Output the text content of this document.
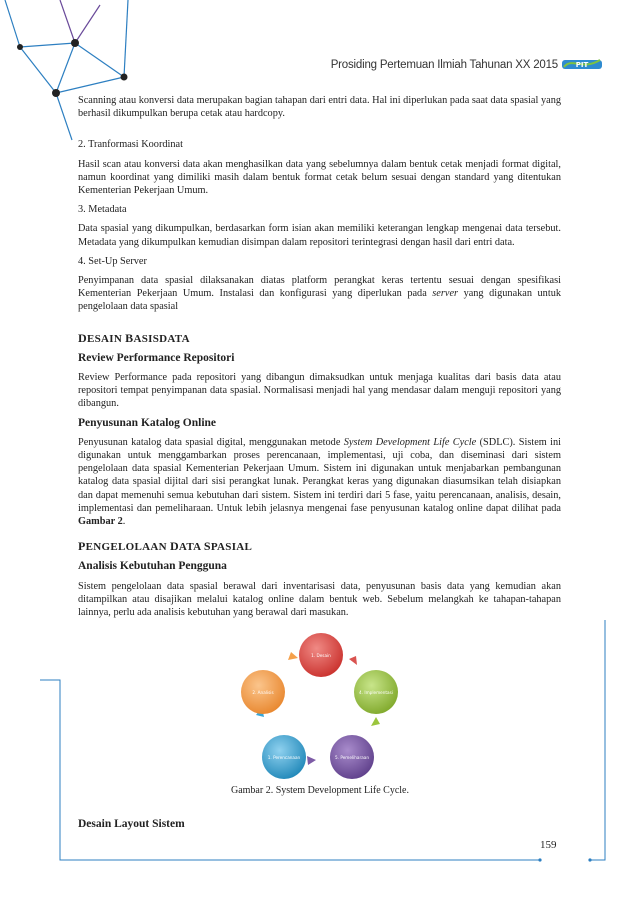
Prosiding Pertemuan Ilmiah Tahunan XX 2015	PIT

Scanning atau konversi data merupakan bagian tahapan dari entri data. Hal ini diperlukan pada saat data spasial yang berhasil dikumpulkan berupa cetak atau hardcopy.

2. Tranformasi Koordinat

Hasil scan atau konversi data akan menghasilkan data yang sebelumnya dalam bentuk cetak menjadi format digital, namun koordinat yang dimiliki masih dalam bentuk format cetak belum sesuai dengan standard yang ditentukan Kementerian Pekerjaan Umum.

3. Metadata

Data spasial yang dikumpulkan, berdasarkan form isian akan memiliki keterangan lengkap mengenai data tersebut. Metadata yang dikumpulkan kemudian disimpan dalam repositori terintegrasi dengan hasil dari entri data.

4. Set-Up Server

Penyimpanan data spasial dilaksanakan diatas platform perangkat keras tertentu sesuai dengan spesifikasi Kementerian Pekerjaan Umum. Instalasi dan konfigurasi yang diperlukan pada server yang digunakan untuk pengelolaan data spasial

DESAIN BASISDATA

Review Performance Repositori

Review Performance pada repositori yang dibangun dimaksudkan untuk menjaga kualitas dari basis data atau repositori tempat penyimpanan data spasial. Normalisasi menjadi hal yang mendasar dalam menguji repositori yang dibangun.

Penyusunan Katalog Online

Penyusunan katalog data spasial digital, menggunakan metode System Development Life Cycle (SDLC). Sistem ini digunakan untuk menggambarkan proses perencanaan, implementasi, uji coba, dan diseminasi dari sistem pengelolaan data spasial Kementerian Pekerjaan Umum. Sistem ini digunakan untuk menjabarkan pembangunan katalog data spasial dijital dari sisi perangkat lunak. Perangkat keras yang digunakan diasumsikan telah disiapkan dan dapat memenuhi semua kebutuhan dari sistem. Sistem ini terdiri dari 5 fase, yaitu perencanaan, analisis, desain, implementasi dan pemeliharaan. Untuk lebih jelasnya mengenai fase penyusunan katalog online dapat dilihat pada Gambar 2.

PENGELOLAAN DATA SPASIAL

Analisis Kebutuhan Pengguna

Sistem pengelolaan data spasial berawal dari inventarisasi data, penyusunan basis data yang kemudian akan ditampilkan atau disajikan melalui katalog online dalam bentuk web. Sebelum melangkah ke tahapan-tahapan lainnya, perlu ada analisis kebutuhan yang berawal dari masukan.

1. Desain
4. Implementasi
5. Pemeliharaan
1. Perencanaan
2. Analisis
Gambar 2. System Development Life Cycle.
Desain Layout Sistem
159
